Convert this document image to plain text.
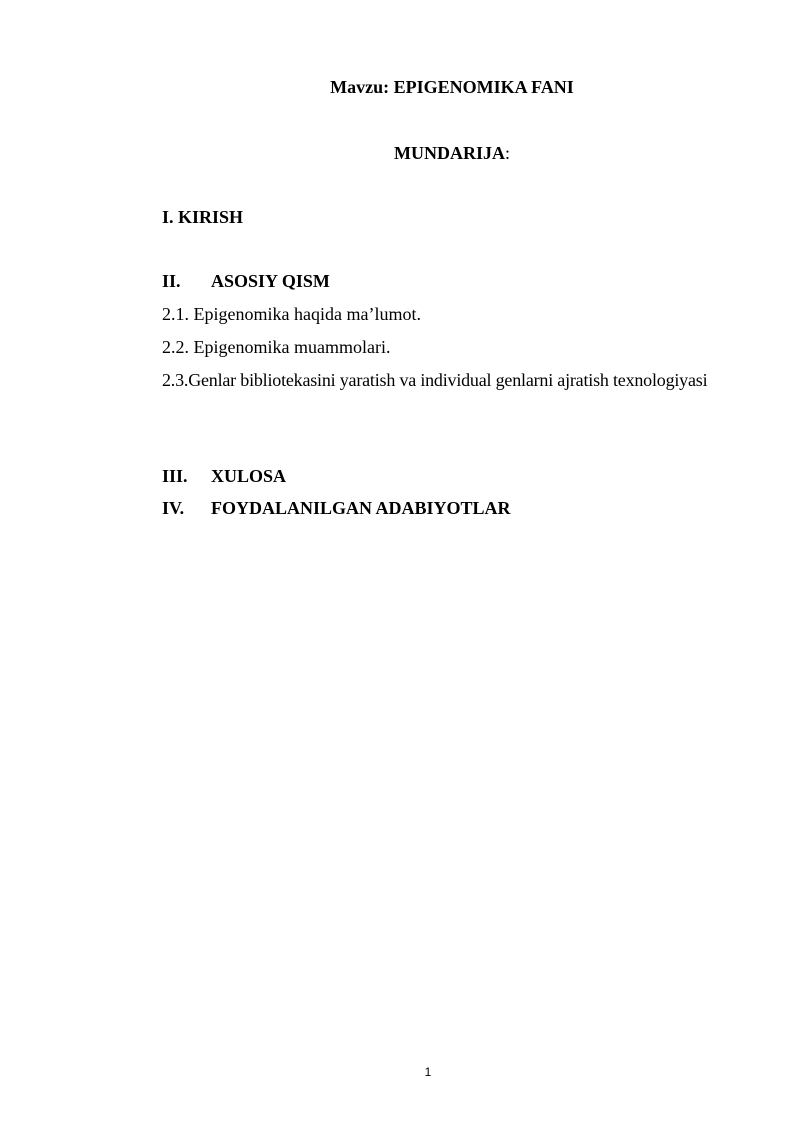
Mavzu: EPIGENOMIKA FANI
MUNDARIJA:
I. KIRISH
II. ASOSIY QISM
2.1. Epigenomika haqida ma’lumot.
2.2. Epigenomika muammolari.
2.3.Genlar bibliotekasini yaratish va individual genlarni ajratish texnologiyasi
III. XULOSA
IV. FOYDALANILGAN ADABIYOTLAR
1
